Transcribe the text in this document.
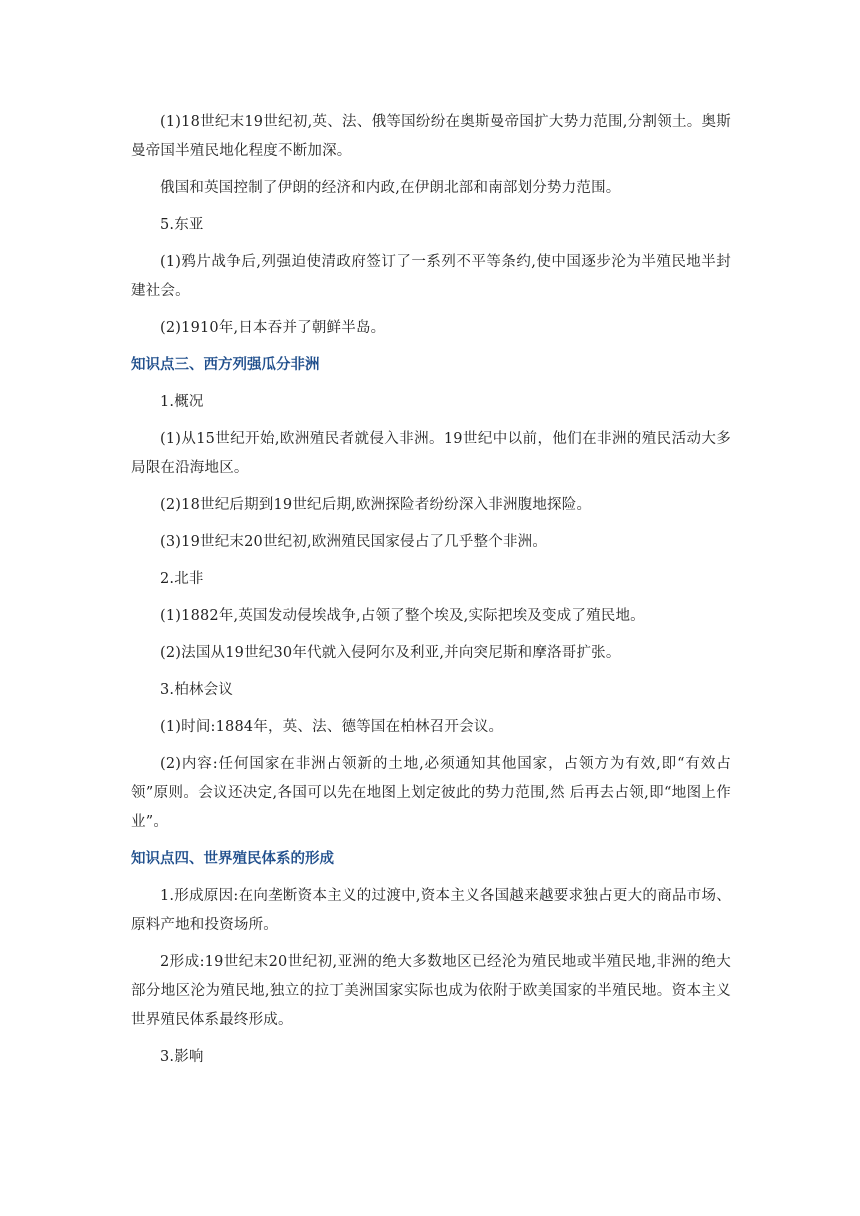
(1)18世纪末19世纪初,英、法、俄等国纷纷在奥斯曼帝国扩大势力范围,分割领土。奥斯曼帝国半殖民地化程度不断加深。

俄国和英国控制了伊朗的经济和内政,在伊朗北部和南部划分势力范围。

5.东亚

(1)鸦片战争后,列强迫使清政府签订了一系列不平等条约,使中国逐步沦为半殖民地半封建社会。

(2)1910年,日本吞并了朝鲜半岛。

知识点三、西方列强瓜分非洲

1.概况

(1)从15世纪开始,欧洲殖民者就侵入非洲。19世纪中以前，他们在非洲的殖民活动大多局限在沿海地区。

(2)18世纪后期到19世纪后期,欧洲探险者纷纷深入非洲腹地探险。

(3)19世纪末20世纪初,欧洲殖民国家侵占了几乎整个非洲。

2.北非

(1)1882年,英国发动侵埃战争,占领了整个埃及,实际把埃及变成了殖民地。

(2)法国从19世纪30年代就入侵阿尔及利亚,并向突尼斯和摩洛哥扩张。

3.柏林会议

(1)时间:1884年，英、法、德等国在柏林召开会议。

(2)内容:任何国家在非洲占领新的土地,必须通知其他国家，占领方为有效,即“有效占领”原则。会议还决定,各国可以先在地图上划定彼此的势力范围,然 后再去占领,即“地图上作业”。

知识点四、世界殖民体系的形成

1.形成原因:在向垄断资本主义的过渡中,资本主义各国越来越要求独占更大的商品市场、原料产地和投资场所。

2形成:19世纪末20世纪初,亚洲的绝大多数地区已经沦为殖民地或半殖民地,非洲的绝大部分地区沦为殖民地,独立的拉丁美洲国家实际也成为依附于欧美国家的半殖民地。资本主义世界殖民体系最终形成。

3.影响
